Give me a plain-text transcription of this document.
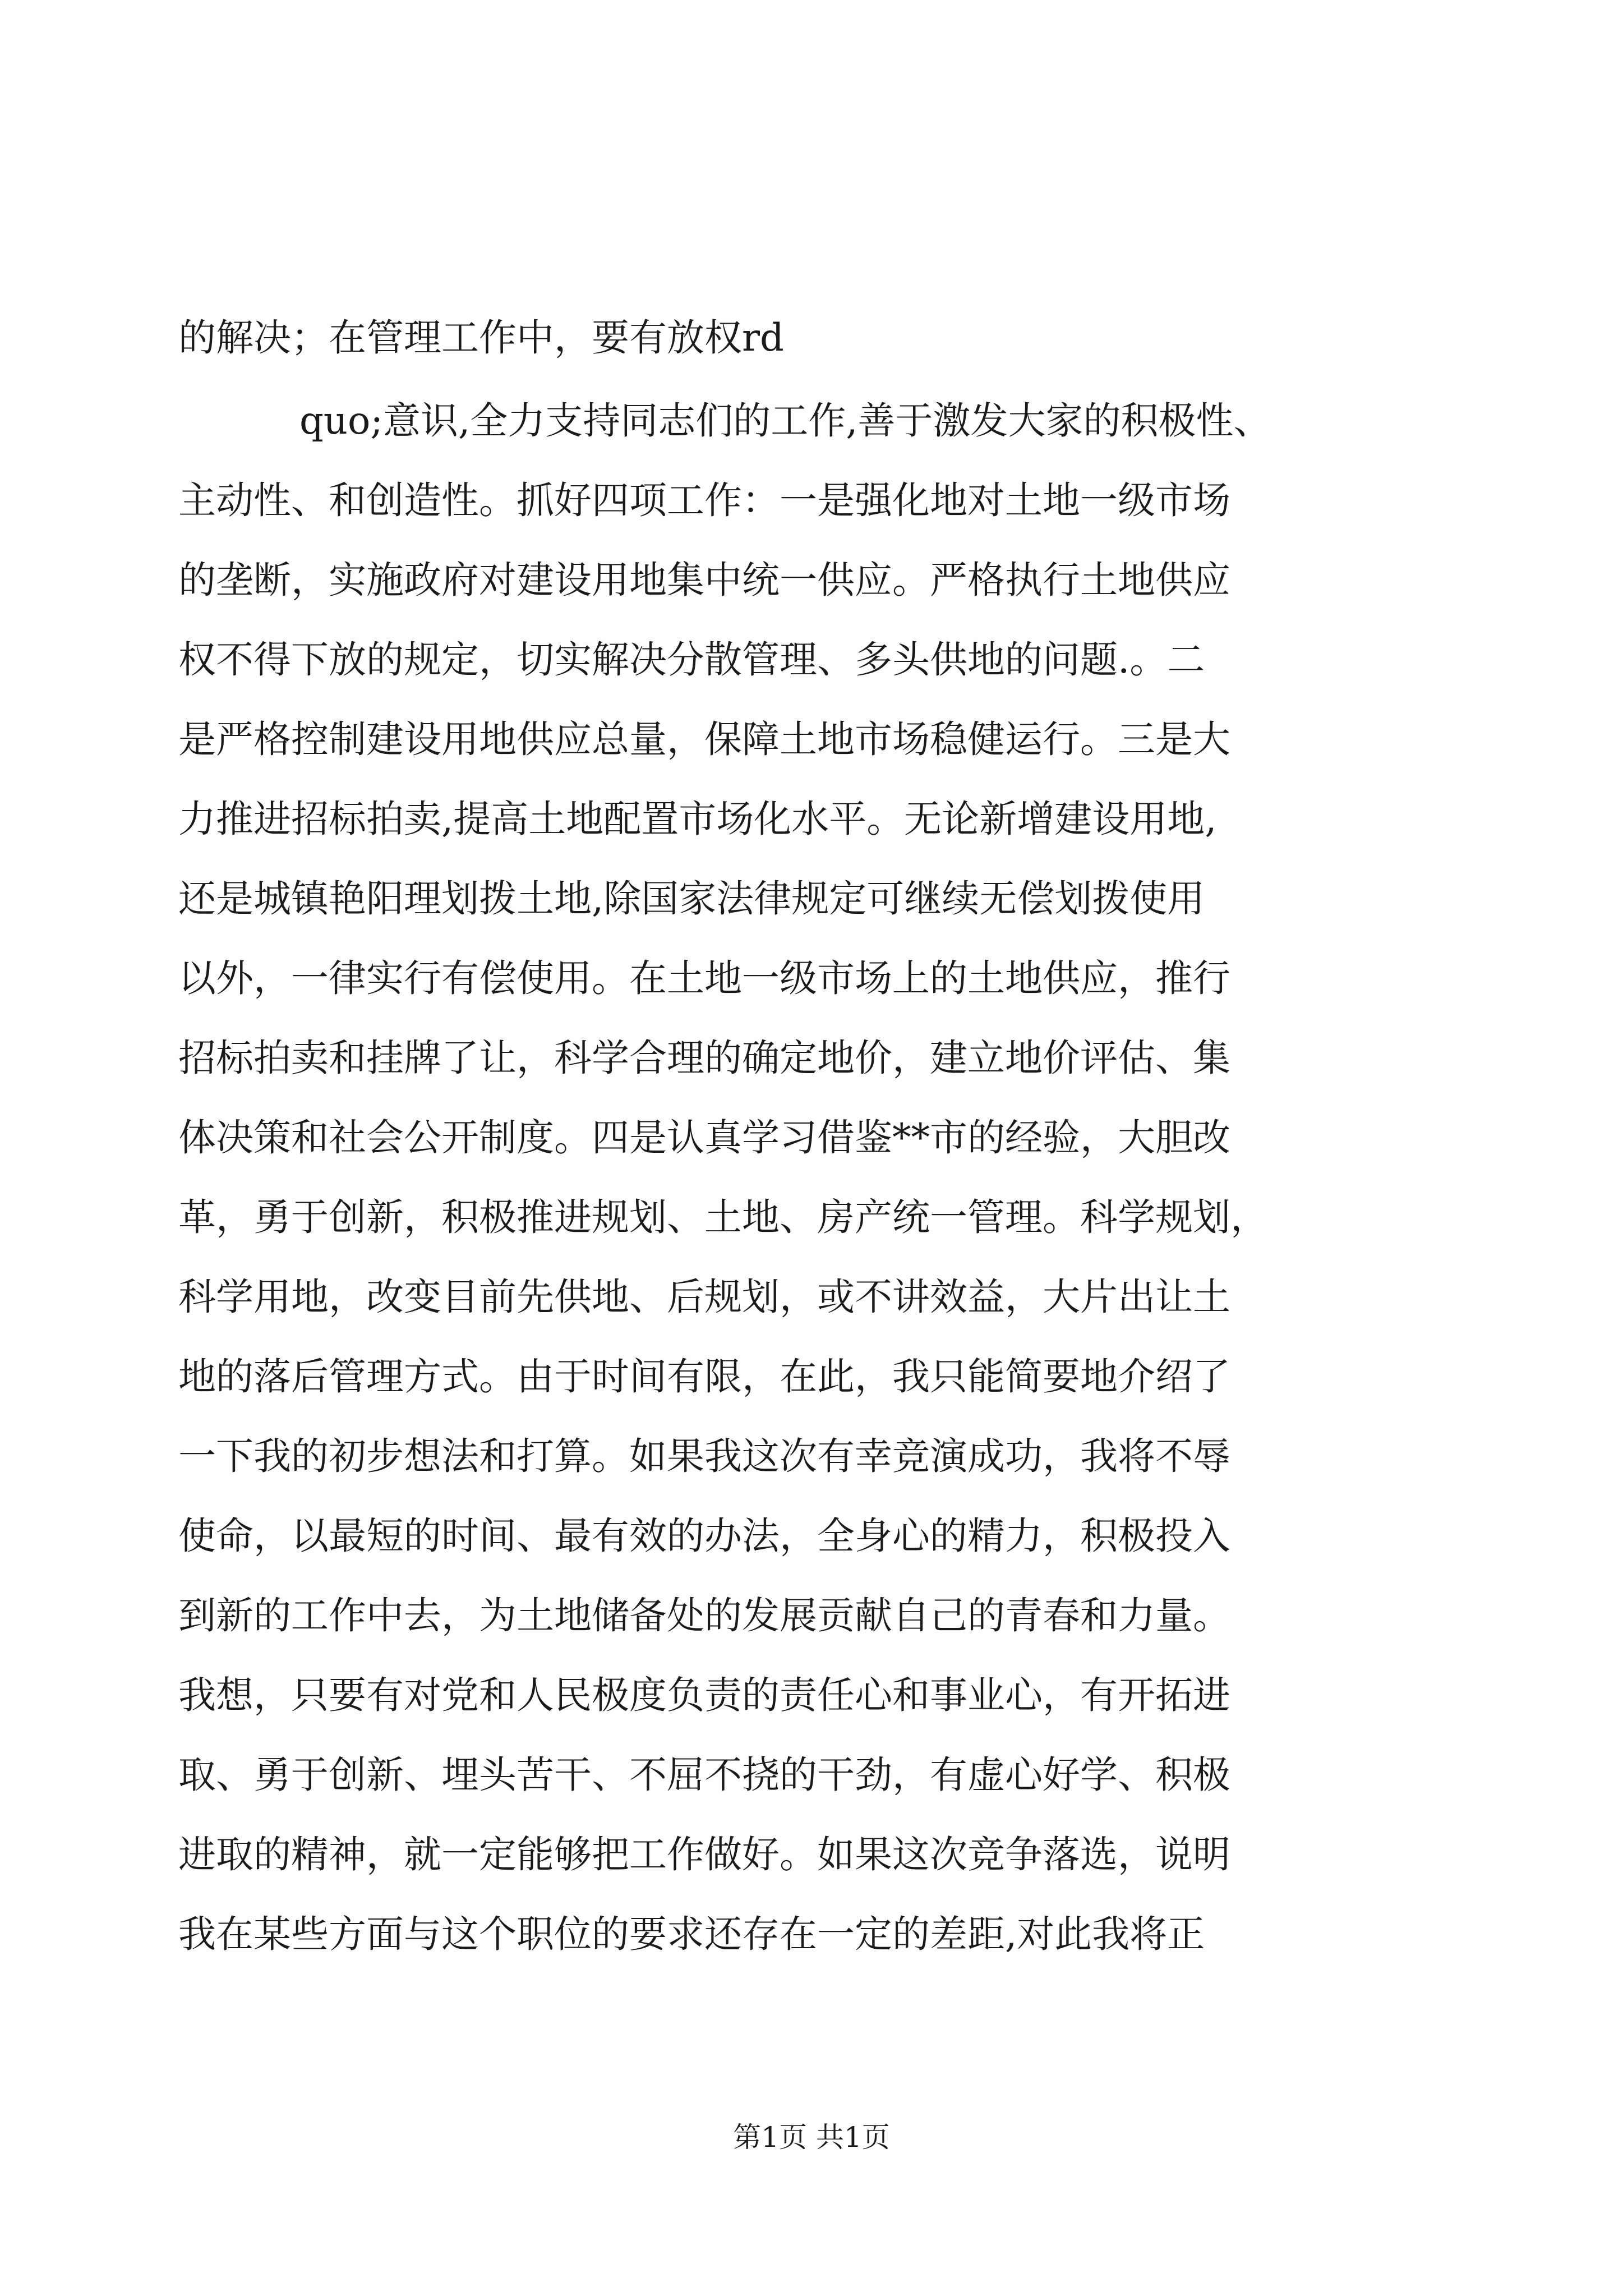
的解决；在管理工作中，要有放权rd
quo;意识,全力支持同志们的工作,善于激发大家的积极性、
主动性、和创造性。抓好四项工作：一是强化地对土地一级市场
的垄断，实施政府对建设用地集中统一供应。严格执行土地供应
权不得下放的规定，切实解决分散管理、多头供地的问题.。二
是严格控制建设用地供应总量，保障土地市场稳健运行。三是大
力推进招标拍卖,提高土地配置市场化水平。无论新增建设用地,
还是城镇艳阳理划拨土地,除国家法律规定可继续无偿划拨使用
以外，一律实行有偿使用。在土地一级市场上的土地供应，推行
招标拍卖和挂牌了让，科学合理的确定地价，建立地价评估、集
体决策和社会公开制度。四是认真学习借鉴**市的经验，大胆改
革，勇于创新，积极推进规划、土地、房产统一管理。科学规划，
科学用地，改变目前先供地、后规划，或不讲效益，大片出让土
地的落后管理方式。由于时间有限，在此，我只能简要地介绍了
一下我的初步想法和打算。如果我这次有幸竞演成功，我将不辱
使命，以最短的时间、最有效的办法，全身心的精力，积极投入
到新的工作中去，为土地储备处的发展贡献自己的青春和力量。
我想，只要有对党和人民极度负责的责任心和事业心，有开拓进
取、勇于创新、埋头苦干、不屈不挠的干劲，有虚心好学、积极
进取的精神，就一定能够把工作做好。如果这次竞争落选，说明
我在某些方面与这个职位的要求还存在一定的差距,对此我将正
第1页 共1页
